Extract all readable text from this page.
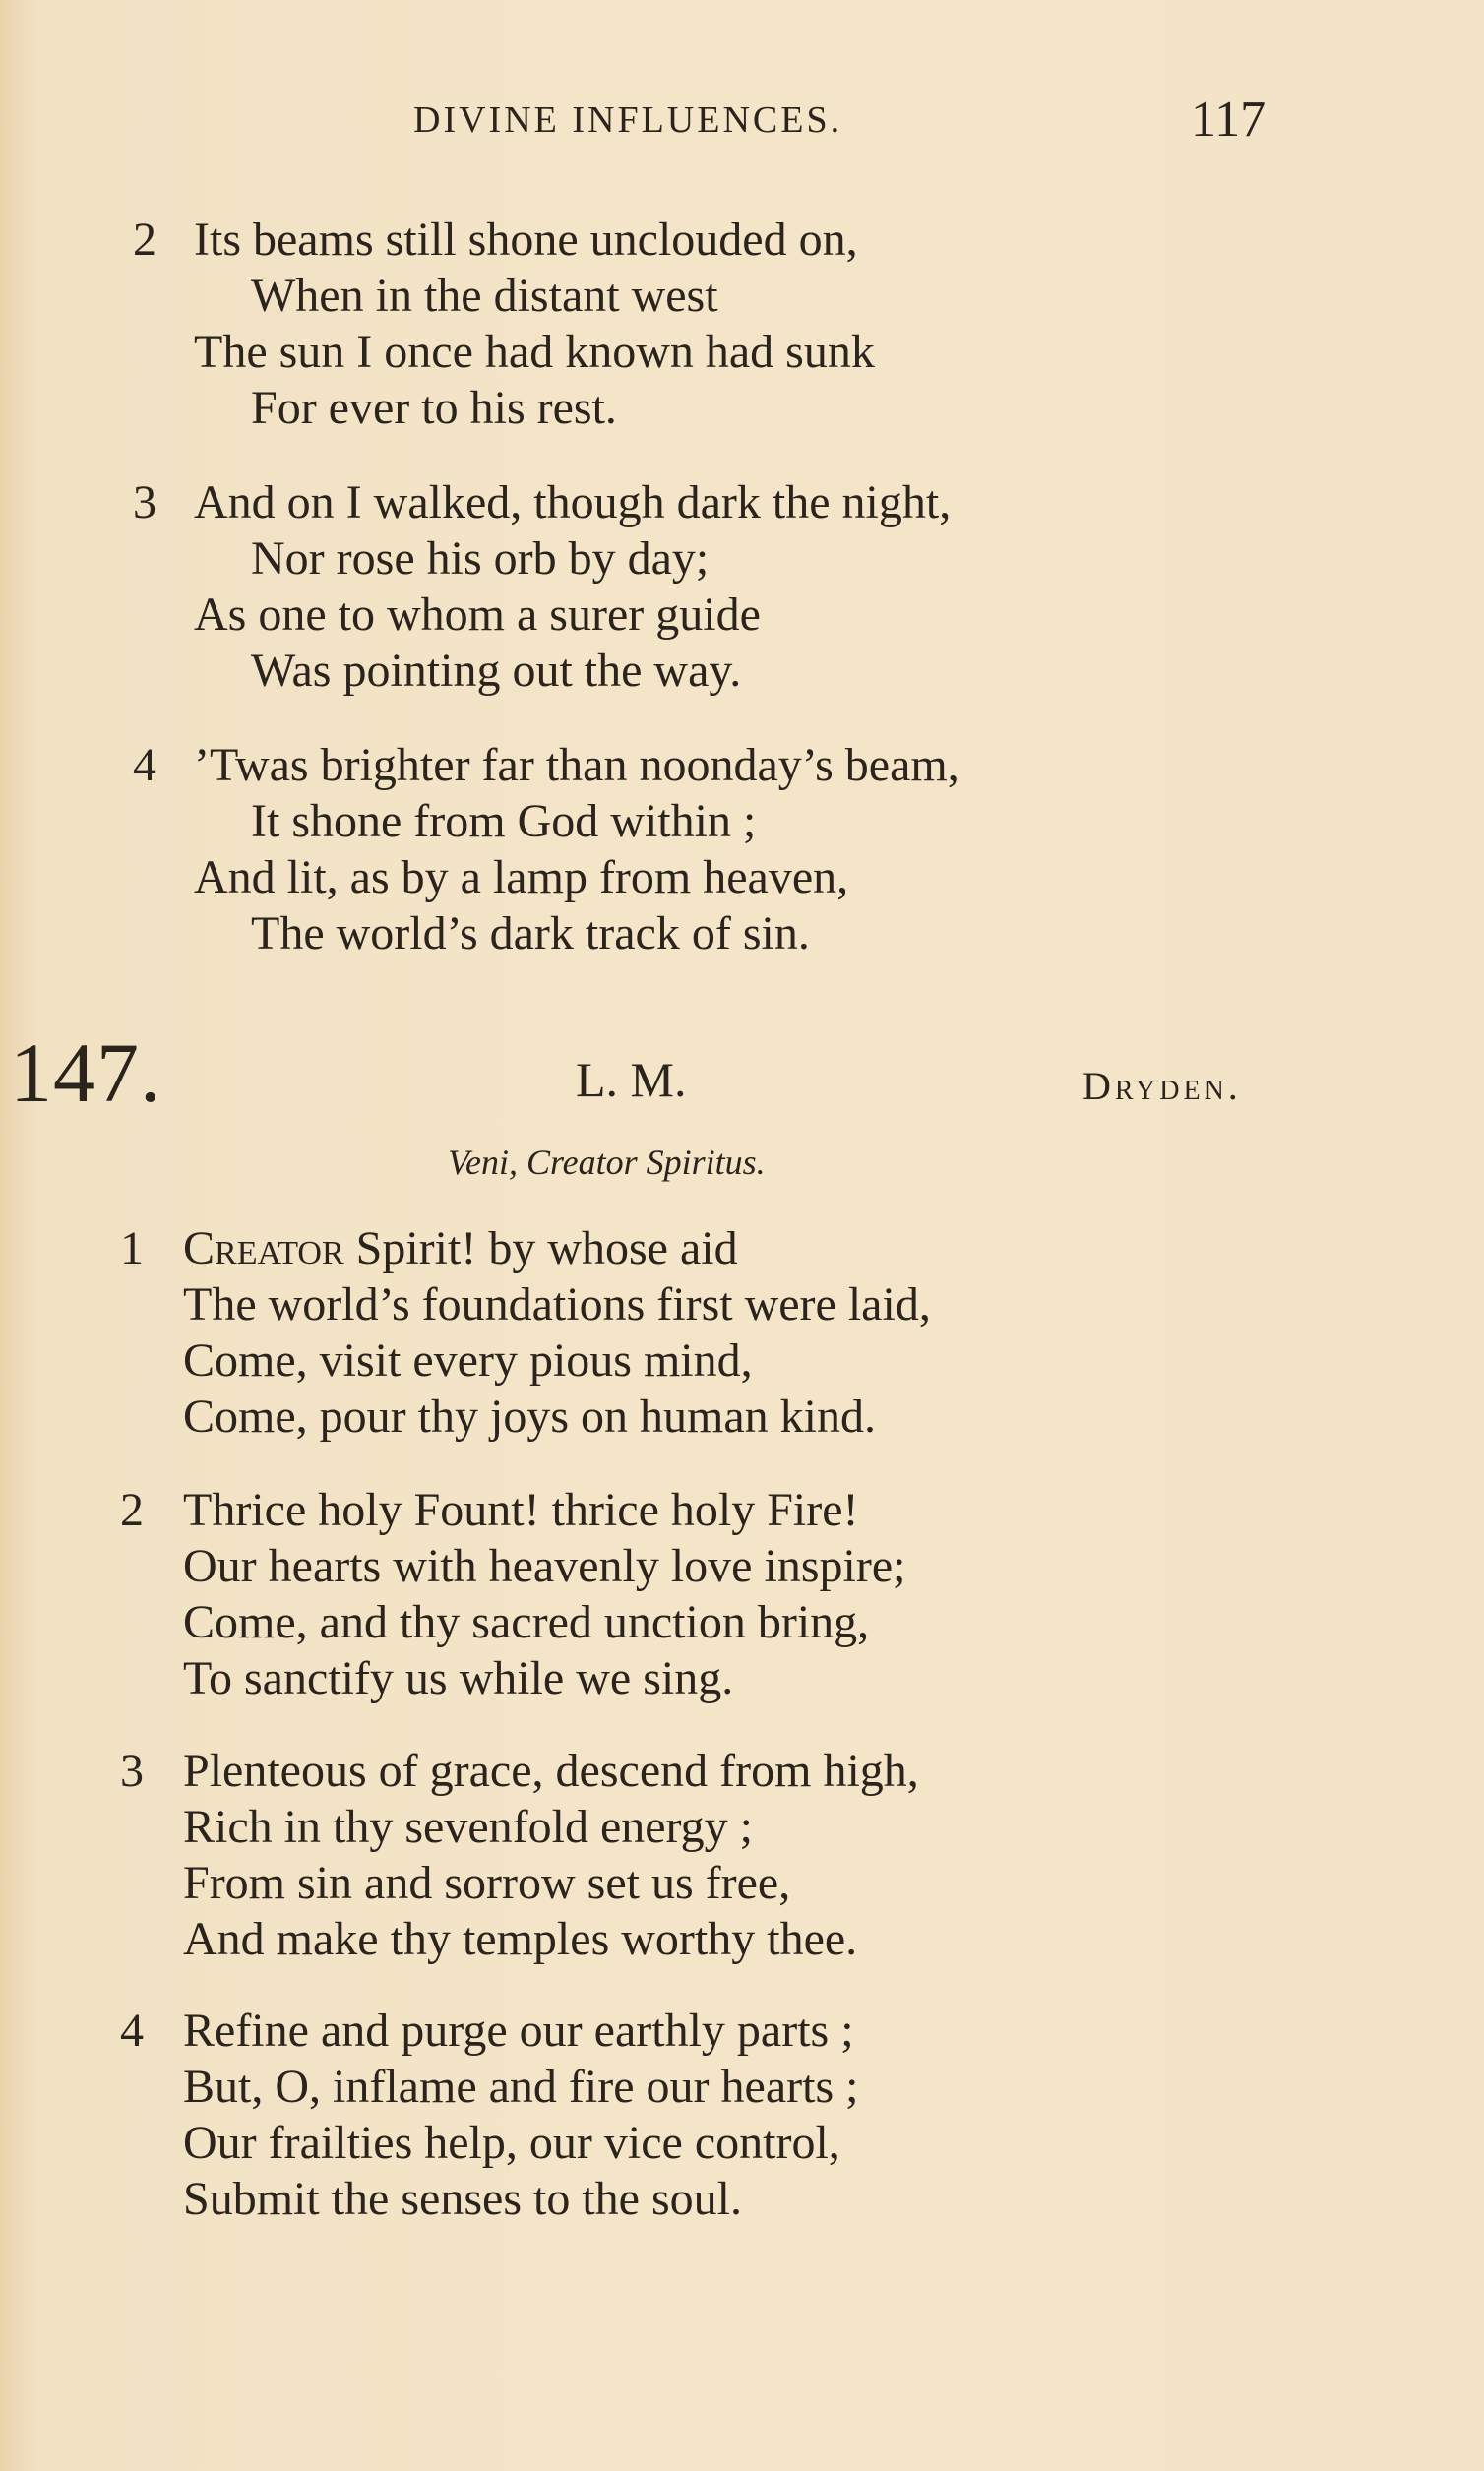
DIVINE INFLUENCES.	117
2 Its beams still shone unclouded on,
When in the distant west
The sun I once had known had sunk
For ever to his rest.
3 And on I walked, though dark the night,
Nor rose his orb by day;
As one to whom a surer guide
Was pointing out the way.
4 ’Twas brighter far than noonday’s beam,
It shone from God within ;
And lit, as by a lamp from heaven,
The world’s dark track of sin.
147.	L. M.	Dryden.
Veni, Creator Spiritus.
1 Creator Spirit! by whose aid
The world’s foundations first were laid,
Come, visit every pious mind,
Come, pour thy joys on human kind.
2 Thrice holy Fount! thrice holy Fire!
Our hearts with heavenly love inspire;
Come, and thy sacred unction bring,
To sanctify us while we sing.
3 Plenteous of grace, descend from high,
Rich in thy sevenfold energy ;
From sin and sorrow set us free,
And make thy temples worthy thee.
4 Refine and purge our earthly parts ;
But, O, inflame and fire our hearts ;
Our frailties help, our vice control,
Submit the senses to the soul.
